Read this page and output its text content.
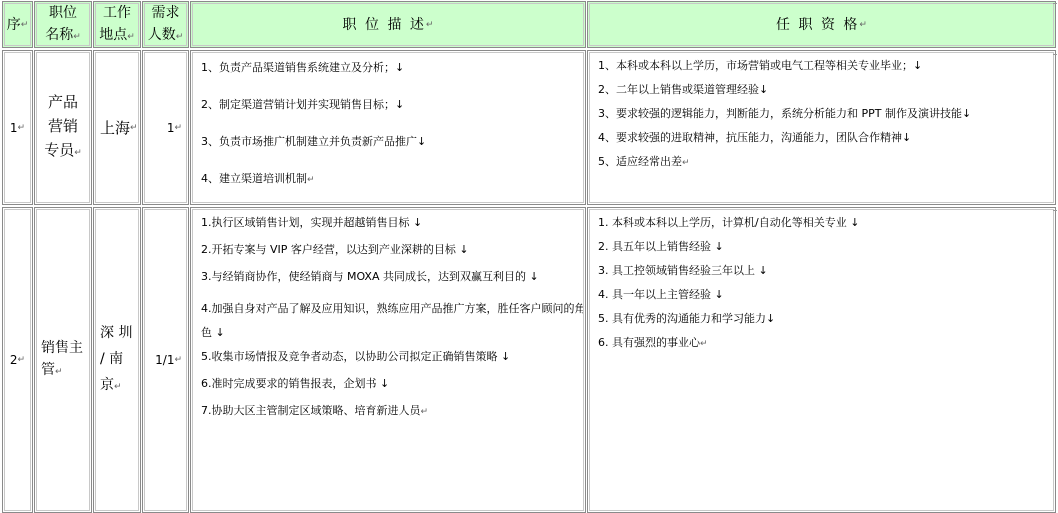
序 ↵
职位
名称↵
工作
地点↵
需求
人数↵
职 位 描 述 ↵	任 职 资 格 ↵
1 ↵
产品
营销
专员↵
上海 ↵ 1 ↵
1、负责产品渠道销售系统建立及分析；↓
2、制定渠道营销计划并实现销售目标；↓
3、负责市场推广机制建立并负责新产品推广↓
4、建立渠道培训机制↵
1、本科或本科以上学历，市场营销或电气工程等相关专业毕业；↓
2、二年以上销售或渠道管理经验↓
3、要求较强的逻辑能力，判断能力，系统分析能力和 PPT 制作及演讲技能↓
4、要求较强的进取精神，抗压能力，沟通能力，团队合作精神↓
5、适应经常出差↵
2 ↵
销售主
管↵
深 圳
/ 南
京↵
1/1 ↵
1.执行区域销售计划，实现并超越销售目标 ↓
2.开拓专案与 VIP 客户经营，以达到产业深耕的目标 ↓
3.与经销商协作，使经销商与 MOXA 共同成长，达到双赢互利目的 ↓
4.加强自身对产品了解及应用知识，熟练应用产品推广方案，胜任客户顾问的角色 ↓
5.收集市场情报及竞争者动态，以协助公司拟定正确销售策略 ↓
6.准时完成要求的销售报表，企划书 ↓
7.协助大区主管制定区域策略、培育新进人员↵
1. 本科或本科以上学历，计算机/自动化等相关专业 ↓
2. 具五年以上销售经验 ↓
3. 具工控领域销售经验三年以上 ↓
4. 具一年以上主管经验 ↓
5. 具有优秀的沟通能力和学习能力↓
6. 具有强烈的事业心↵
